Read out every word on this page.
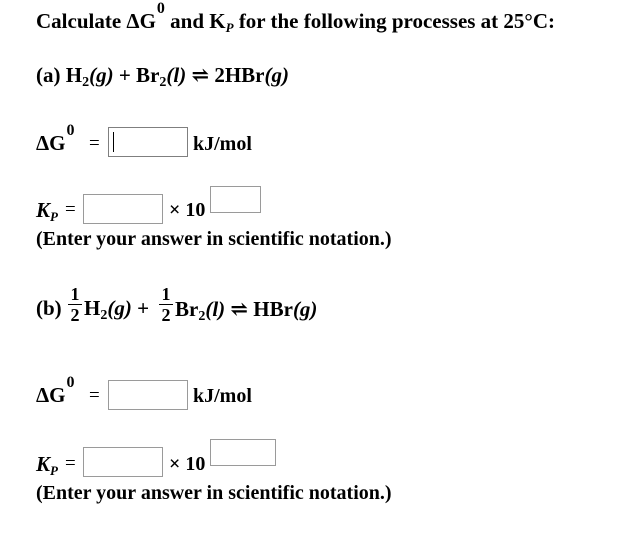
Calculate $\Delta G^0$ and KP for the following processes at 25°C:
(a) $H_2(g) + Br_2(l)$ ⇌ 2HBr(g)
$\Delta G^0$
=	kJ/mol
KP =	× 10
(Enter your answer in scientific notation.)
(b)
1
2 $H_2(g)$ +
1
2 $Br_2(l)$ ⇌ HBr(g)
$\Delta G^0$
=	kJ/mol
KP =	× 10
(Enter your answer in scientific notation.)
